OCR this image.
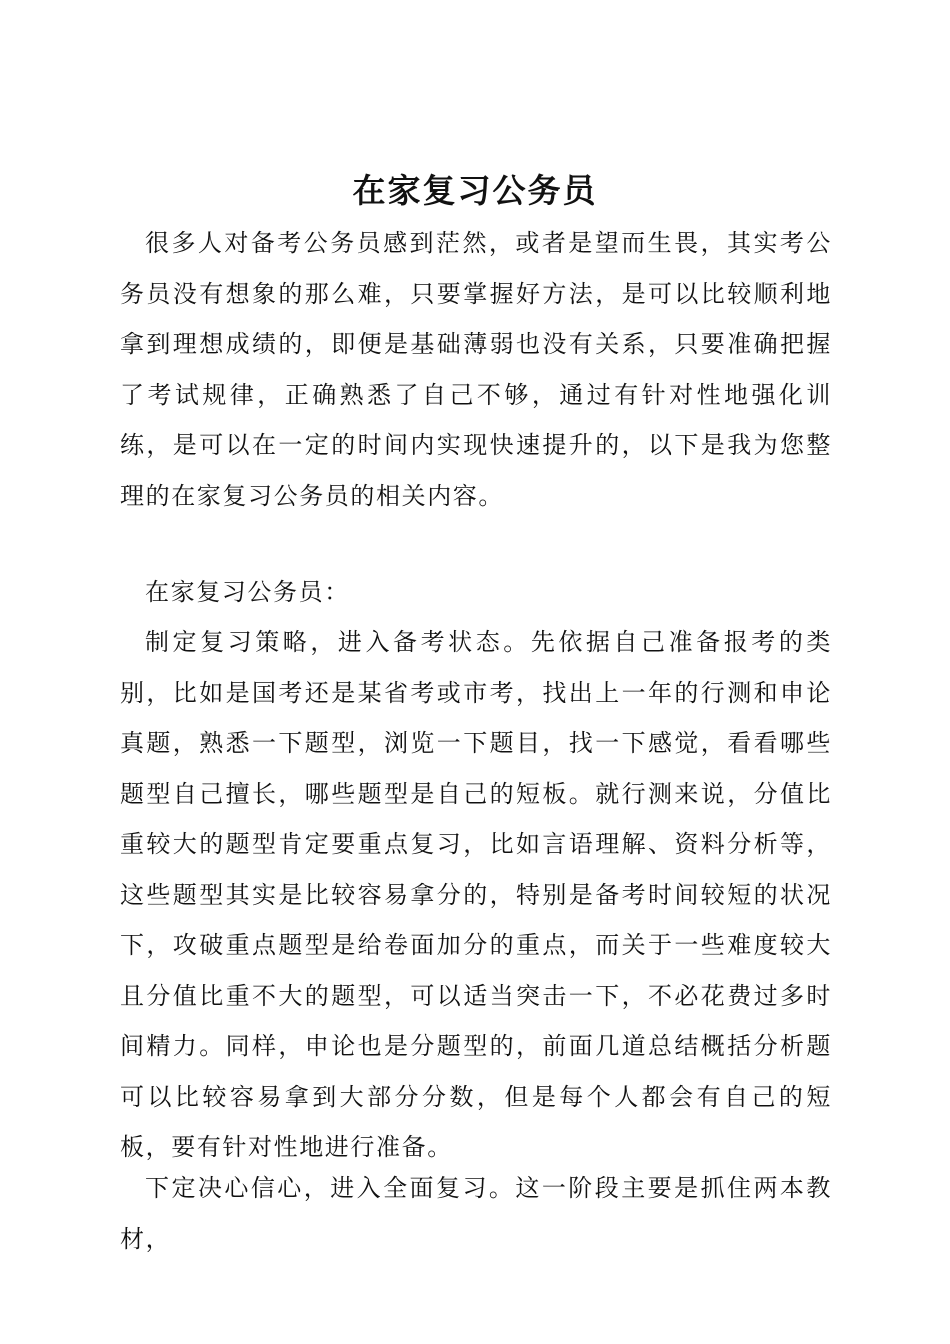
在家复习公务员

很多人对备考公务员感到茫然，或者是望而生畏，其实考公务员没有想象的那么难，只要掌握好方法，是可以比较顺利地拿到理想成绩的，即便是基础薄弱也没有关系，只要准确把握了考试规律，正确熟悉了自己不够，通过有针对性地强化训练，是可以在一定的时间内实现快速提升的，以下是我为您整理的在家复习公务员的相关内容。

在家复习公务员：

制定复习策略，进入备考状态。先依据自己准备报考的类别，比如是国考还是某省考或市考，找出上一年的行测和申论真题，熟悉一下题型，浏览一下题目，找一下感觉，看看哪些题型自己擅长，哪些题型是自己的短板。就行测来说，分值比重较大的题型肯定要重点复习，比如言语理解、资料分析等，这些题型其实是比较容易拿分的，特别是备考时间较短的状况下，攻破重点题型是给卷面加分的重点，而关于一些难度较大且分值比重不大的题型，可以适当突击一下，不必花费过多时间精力。同样，申论也是分题型的，前面几道总结概括分析题可以比较容易拿到大部分分数，但是每个人都会有自己的短板，要有针对性地进行准备。

下定决心信心，进入全面复习。这一阶段主要是抓住两本教材，
